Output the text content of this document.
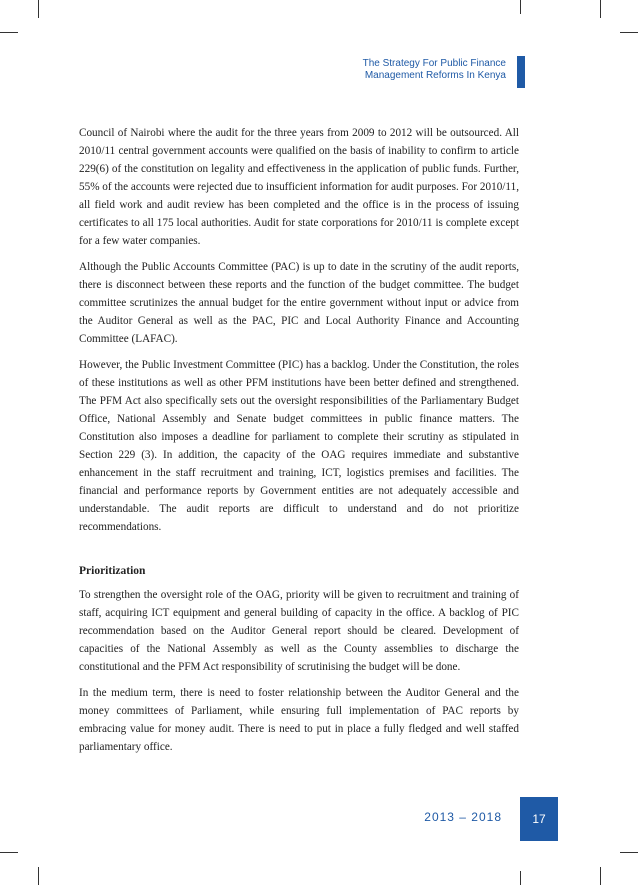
The Strategy For Public Finance
Management Reforms In Kenya

Council of Nairobi where the audit for the three years from 2009 to 2012 will be outsourced. All 2010/11 central government accounts were qualified on the basis of inability to confirm to article 229(6) of the constitution on legality and effectiveness in the application of public funds. Further, 55% of the accounts were rejected due to insufficient information for audit purposes. For 2010/11, all field work and audit review has been completed and the office is in the process of issuing certificates to all 175 local authorities. Audit for state corporations for 2010/11 is complete except for a few water companies.

Although the Public Accounts Committee (PAC) is up to date in the scrutiny of the audit reports, there is disconnect between these reports and the function of the budget committee. The budget committee scrutinizes the annual budget for the entire government without input or advice from the Auditor General as well as the PAC, PIC and Local Authority Finance and Accounting Committee (LAFAC).

However, the Public Investment Committee (PIC) has a backlog. Under the Constitution, the roles of these institutions as well as other PFM institutions have been better defined and strengthened. The PFM Act also specifically sets out the oversight responsibilities of the Parliamentary Budget Office, National Assembly and Senate budget committees in public finance matters. The Constitution also imposes a deadline for parliament to complete their scrutiny as stipulated in Section 229 (3). In addition, the capacity of the OAG requires immediate and substantive enhancement in the staff recruitment and training, ICT, logistics premises and facilities. The financial and performance reports by Government entities are not adequately accessible and understandable. The audit reports are difficult to understand and do not prioritize recommendations.

Prioritization

To strengthen the oversight role of the OAG, priority will be given to recruitment and training of staff, acquiring ICT equipment and general building of capacity in the office. A backlog of PIC recommendation based on the Auditor General report should be cleared. Development of capacities of the National Assembly as well as the County assemblies to discharge the constitutional and the PFM Act responsibility of scrutinising the budget will be done.

In the medium term, there is need to foster relationship between the Auditor General and the money committees of Parliament, while ensuring full implementation of PAC reports by embracing value for money audit. There is need to put in place a fully fledged and well staffed parliamentary office.

2013 – 2018	17
